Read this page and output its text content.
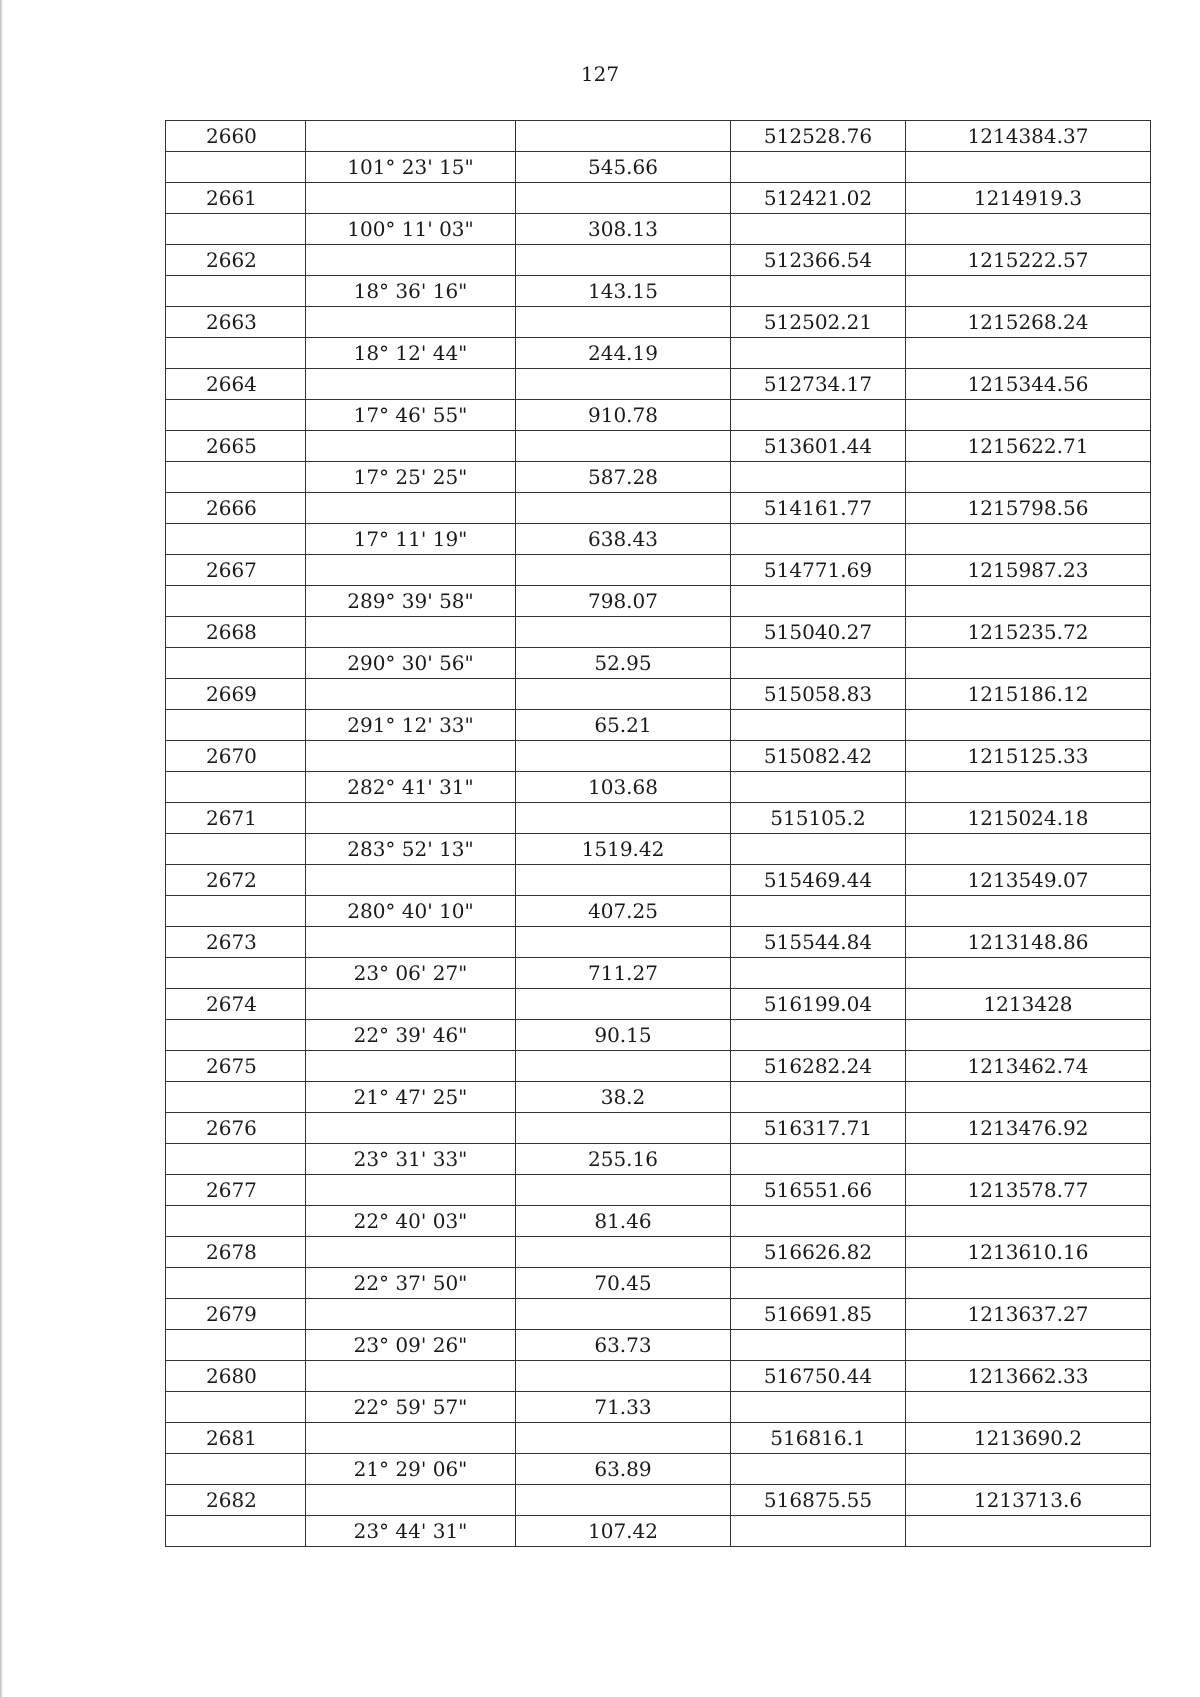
127
2660			512528.76	1214384.37
	101° 23' 15"	545.66		
2661			512421.02	1214919.3
	100° 11' 03"	308.13		
2662			512366.54	1215222.57
	18° 36' 16"	143.15		
2663			512502.21	1215268.24
	18° 12' 44"	244.19		
2664			512734.17	1215344.56
	17° 46' 55"	910.78		
2665			513601.44	1215622.71
	17° 25' 25"	587.28		
2666			514161.77	1215798.56
	17° 11' 19"	638.43		
2667			514771.69	1215987.23
	289° 39' 58"	798.07		
2668			515040.27	1215235.72
	290° 30' 56"	52.95		
2669			515058.83	1215186.12
	291° 12' 33"	65.21		
2670			515082.42	1215125.33
	282° 41' 31"	103.68		
2671			515105.2	1215024.18
	283° 52' 13"	1519.42		
2672			515469.44	1213549.07
	280° 40' 10"	407.25		
2673			515544.84	1213148.86
	23° 06' 27"	711.27		
2674			516199.04	1213428
	22° 39' 46"	90.15		
2675			516282.24	1213462.74
	21° 47' 25"	38.2		
2676			516317.71	1213476.92
	23° 31' 33"	255.16		
2677			516551.66	1213578.77
	22° 40' 03"	81.46		
2678			516626.82	1213610.16
	22° 37' 50"	70.45		
2679			516691.85	1213637.27
	23° 09' 26"	63.73		
2680			516750.44	1213662.33
	22° 59' 57"	71.33		
2681			516816.1	1213690.2
	21° 29' 06"	63.89		
2682			516875.55	1213713.6
	23° 44' 31"	107.42		
